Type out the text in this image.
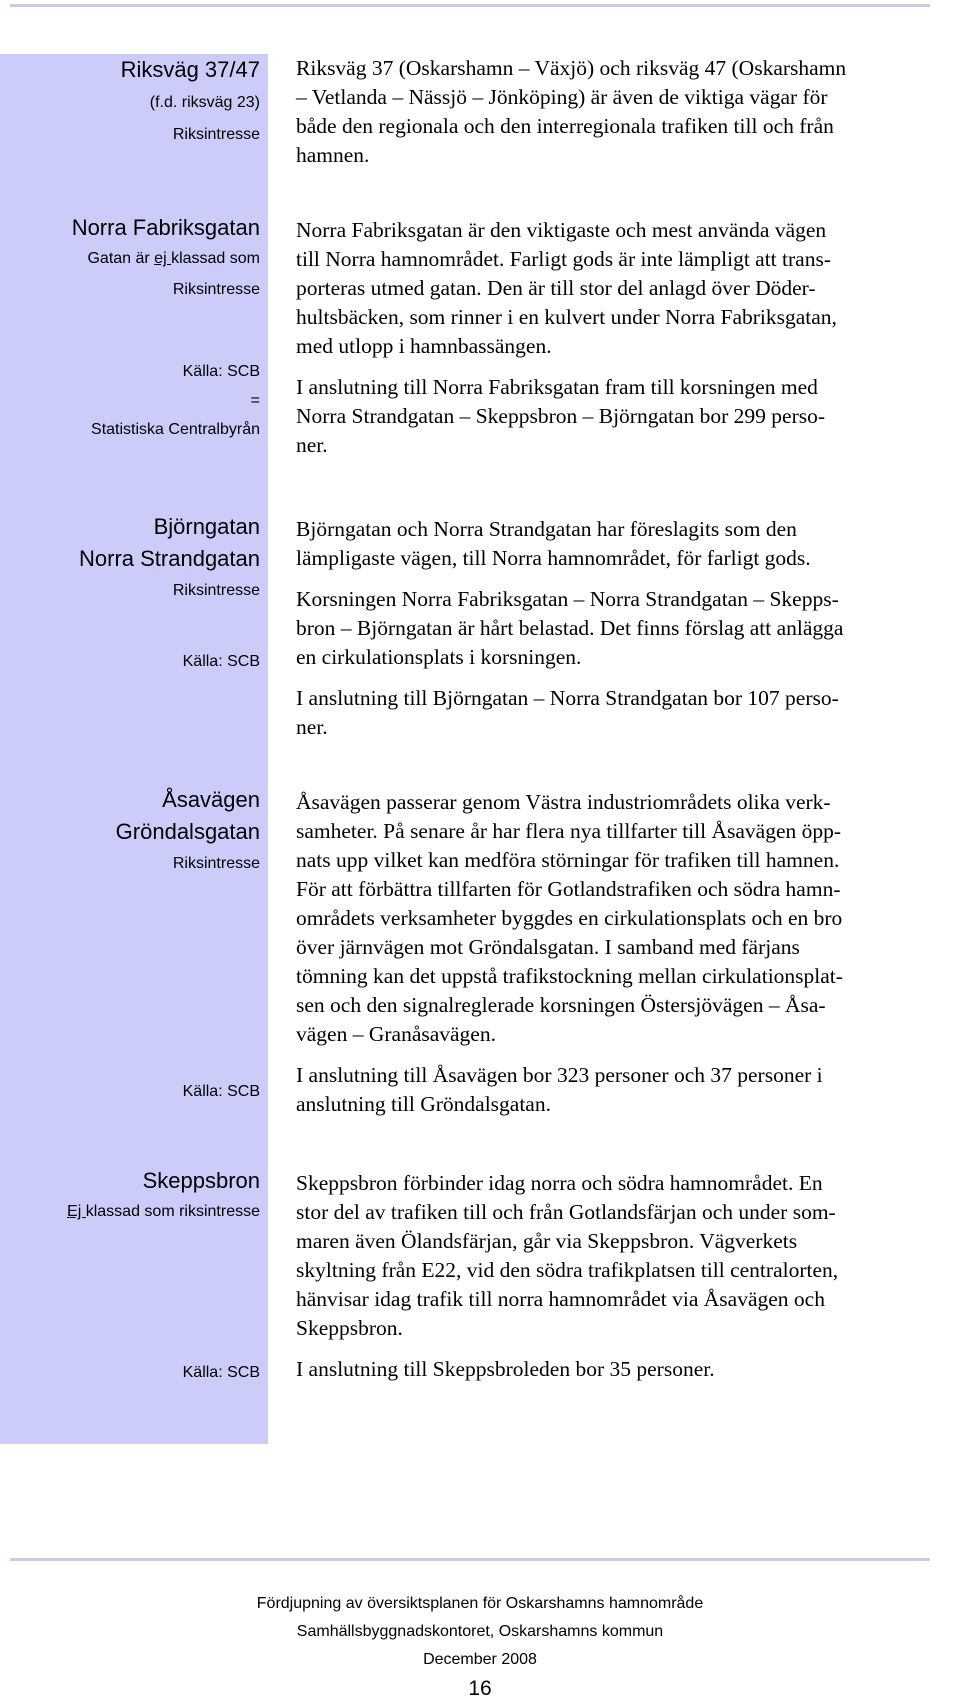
Riksväg 37/47
(f.d. riksväg 23)
Riksintresse

Riksväg 37 (Oskarshamn – Växjö) och riksväg 47 (Oskarshamn
– Vetlanda – Nässjö – Jönköping) är även de viktiga vägar för
både den regionala och den interregionala trafiken till och från
hamnen.

Norra Fabriksgatan
Gatan är ej klassad som
Riksintresse
Källa: SCB
=
Statistiska Centralbyrån

Norra Fabriksgatan är den viktigaste och mest använda vägen
till Norra hamnområdet. Farligt gods är inte lämpligt att trans-
porteras utmed gatan. Den är till stor del anlagd över Döder-
hultsbäcken, som rinner i en kulvert under Norra Fabriksgatan,
med utlopp i hamnbassängen.

I anslutning till Norra Fabriksgatan fram till korsningen med
Norra Strandgatan – Skeppsbron – Björngatan bor 299 perso-
ner.

Björngatan
Norra Strandgatan
Riksintresse
Källa: SCB

Björngatan och Norra Strandgatan har föreslagits som den
lämpligaste vägen, till Norra hamnområdet, för farligt gods.

Korsningen Norra Fabriksgatan – Norra Strandgatan – Skepps-
bron – Björngatan är hårt belastad. Det finns förslag att anlägga
en cirkulationsplats i korsningen.

I anslutning till Björngatan – Norra Strandgatan bor 107 perso-
ner.

Åsavägen
Gröndalsgatan
Riksintresse
Källa: SCB

Åsavägen passerar genom Västra industriområdets olika verk-
samheter. På senare år har flera nya tillfarter till Åsavägen öpp-
nats upp vilket kan medföra störningar för trafiken till hamnen.
För att förbättra tillfarten för Gotlandstrafiken och södra hamn-
områdets verksamheter byggdes en cirkulationsplats och en bro
över järnvägen mot Gröndalsgatan. I samband med färjans
tömning kan det uppstå trafikstockning mellan cirkulationsplat-
sen och den signalreglerade korsningen Östersjövägen – Åsa-
vägen – Granåsavägen.

I anslutning till Åsavägen bor 323 personer och 37 personer i
anslutning till Gröndalsgatan.

Skeppsbron
Ej klassad som riksintresse
Källa: SCB

Skeppsbron förbinder idag norra och södra hamnområdet. En
stor del av trafiken till och från Gotlandsfärjan och under som-
maren även Ölandsfärjan, går via Skeppsbron. Vägverkets
skyltning från E22, vid den södra trafikplatsen till centralorten,
hänvisar idag trafik till norra hamnområdet via Åsavägen och
Skeppsbron.

I anslutning till Skeppsbroleden bor 35 personer.

Fördjupning av översiktsplanen för Oskarshamns hamnområde
Samhällsbyggnadskontoret, Oskarshamns kommun
December 2008
16
